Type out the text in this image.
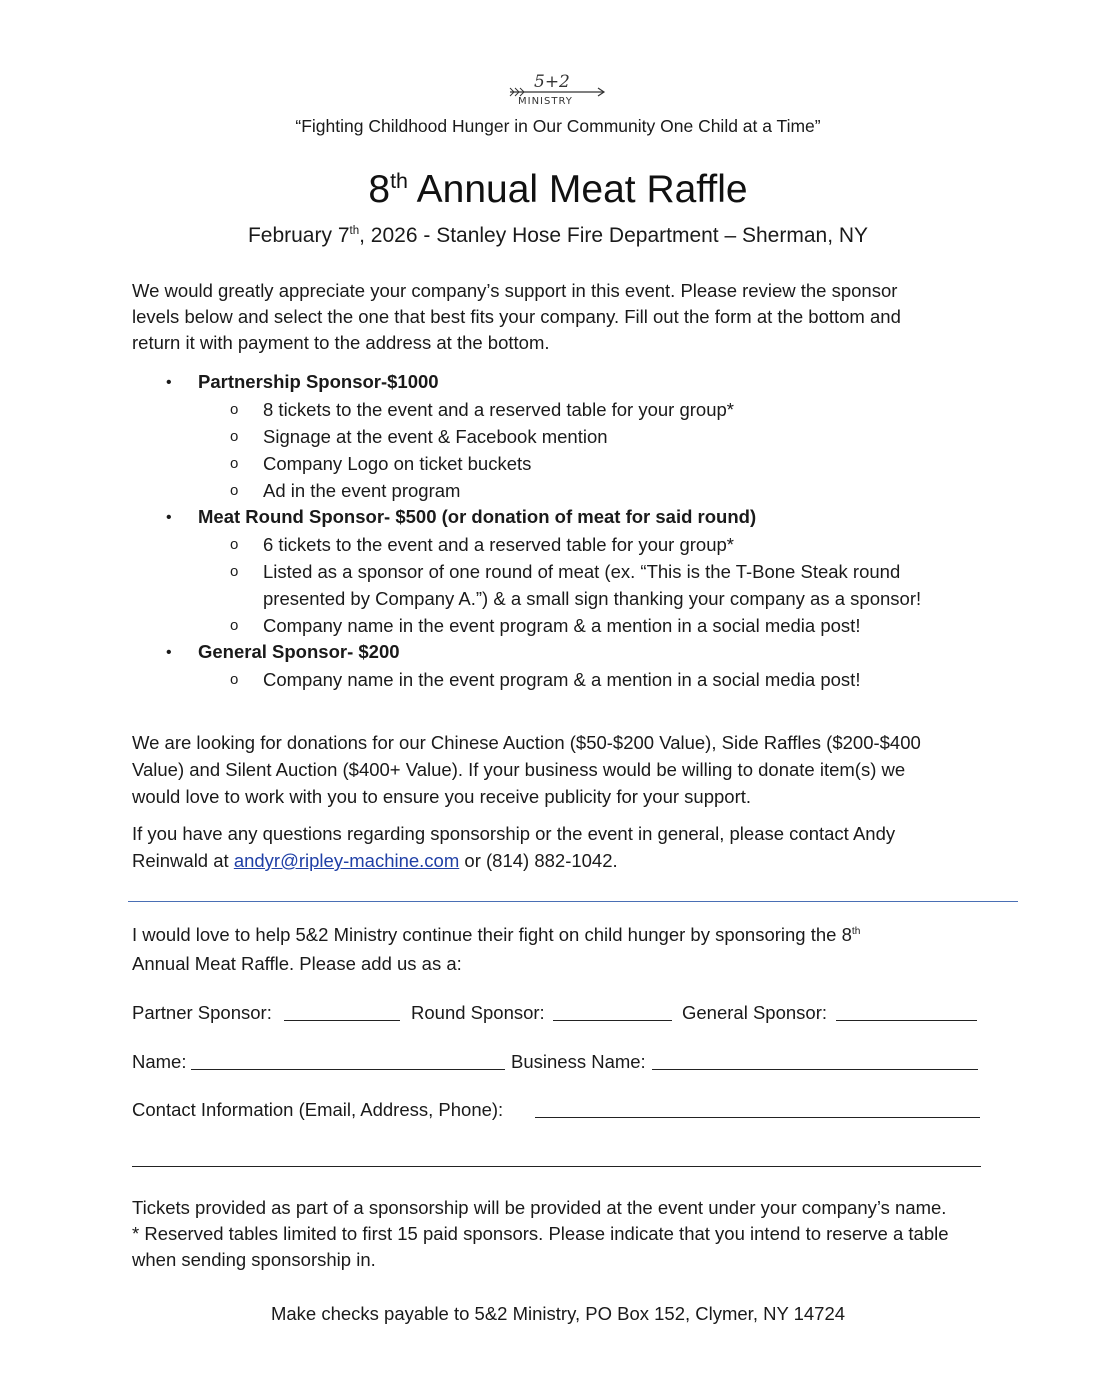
5+2
MINISTRY
“Fighting Childhood Hunger in Our Community One Child at a Time”
8th Annual Meat Raffle
February 7th, 2026 - Stanley Hose Fire Department – Sherman, NY
We would greatly appreciate your company’s support in this event. Please review the sponsor
levels below and select the one that best fits your company. Fill out the form at the bottom and
return it with payment to the address at the bottom.
• Partnership Sponsor-$1000
o 8 tickets to the event and a reserved table for your group*
o Signage at the event & Facebook mention
o Company Logo on ticket buckets
o Ad in the event program
• Meat Round Sponsor- $500 (or donation of meat for said round)
o 6 tickets to the event and a reserved table for your group*
o Listed as a sponsor of one round of meat (ex. “This is the T-Bone Steak round
presented by Company A.”) & a small sign thanking your company as a sponsor!
o Company name in the event program & a mention in a social media post!
• General Sponsor- $200
o Company name in the event program & a mention in a social media post!
We are looking for donations for our Chinese Auction ($50-$200 Value), Side Raffles ($200-$400
Value) and Silent Auction ($400+ Value). If your business would be willing to donate item(s) we
would love to work with you to ensure you receive publicity for your support.
If you have any questions regarding sponsorship or the event in general, please contact Andy
Reinwald at andyr@ripley-machine.com or (814) 882-1042.
I would love to help 5&2 Ministry continue their fight on child hunger by sponsoring the 8th
Annual Meat Raffle. Please add us as a:
Partner Sponsor:	Round Sponsor:	General Sponsor:
Name:	Business Name:
Contact Information (Email, Address, Phone):
Tickets provided as part of a sponsorship will be provided at the event under your company’s name.
* Reserved tables limited to first 15 paid sponsors. Please indicate that you intend to reserve a table
when sending sponsorship in.
Make checks payable to 5&2 Ministry, PO Box 152, Clymer, NY 14724
